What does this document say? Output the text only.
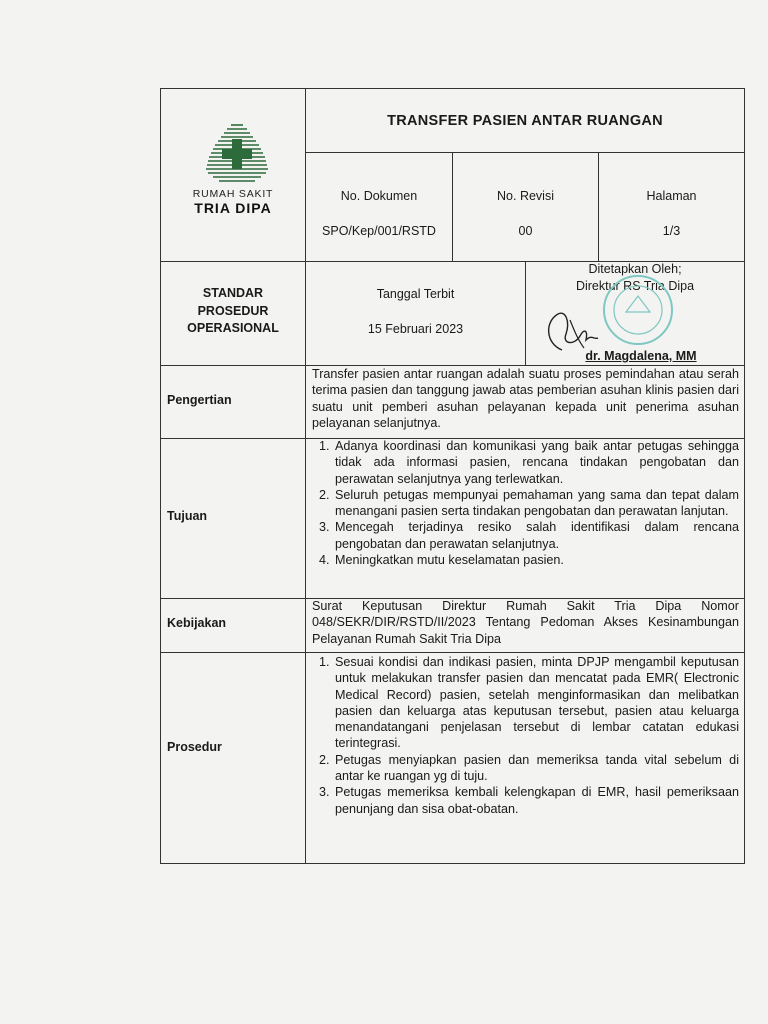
RUMAH SAKIT
TRIA DIPA
TRANSFER PASIEN ANTAR RUANGAN
No. Dokumen
SPO/Kep/001/RSTD
No. Revisi
00
Halaman
1/3
STANDAR
PROSEDUR
OPERASIONAL
Tanggal Terbit
15 Februari 2023
Ditetapkan Oleh;
Direktur RS Tria Dipa
dr. Magdalena, MM
Pengertian
Tujuan
Kebijakan
Prosedur
Transfer pasien antar ruangan adalah suatu proses pemindahan atau serah terima pasien dan tanggung jawab atas pemberian asuhan klinis pasien dari suatu unit pemberi asuhan pelayanan kepada unit penerima asuhan pelayanan selanjutnya.
1. Adanya koordinasi dan komunikasi yang baik antar petugas sehingga tidak ada informasi pasien, rencana tindakan pengobatan dan perawatan selanjutnya yang terlewatkan.
2. Seluruh petugas mempunyai pemahaman yang sama dan tepat dalam menangani pasien serta tindakan pengobatan dan perawatan lanjutan.
3. Mencegah terjadinya resiko salah identifikasi dalam rencana pengobatan dan perawatan selanjutnya.
4. Meningkatkan mutu keselamatan pasien.
Surat Keputusan Direktur Rumah Sakit Tria Dipa Nomor 048/SEKR/DIR/RSTD/II/2023 Tentang Pedoman Akses Kesinambungan Pelayanan Rumah Sakit Tria Dipa
1. Sesuai kondisi dan indikasi pasien, minta DPJP mengambil keputusan untuk melakukan transfer pasien dan mencatat pada EMR( Electronic Medical Record) pasien, setelah menginformasikan dan melibatkan pasien dan keluarga atas keputusan tersebut, pasien atau keluarga menandatangani penjelasan tersebut di lembar catatan edukasi terintegrasi.
2. Petugas menyiapkan pasien dan memeriksa tanda vital sebelum di antar ke ruangan yg di tuju.
3. Petugas memeriksa kembali kelengkapan di EMR, hasil pemeriksaan penunjang dan sisa obat-obatan.
